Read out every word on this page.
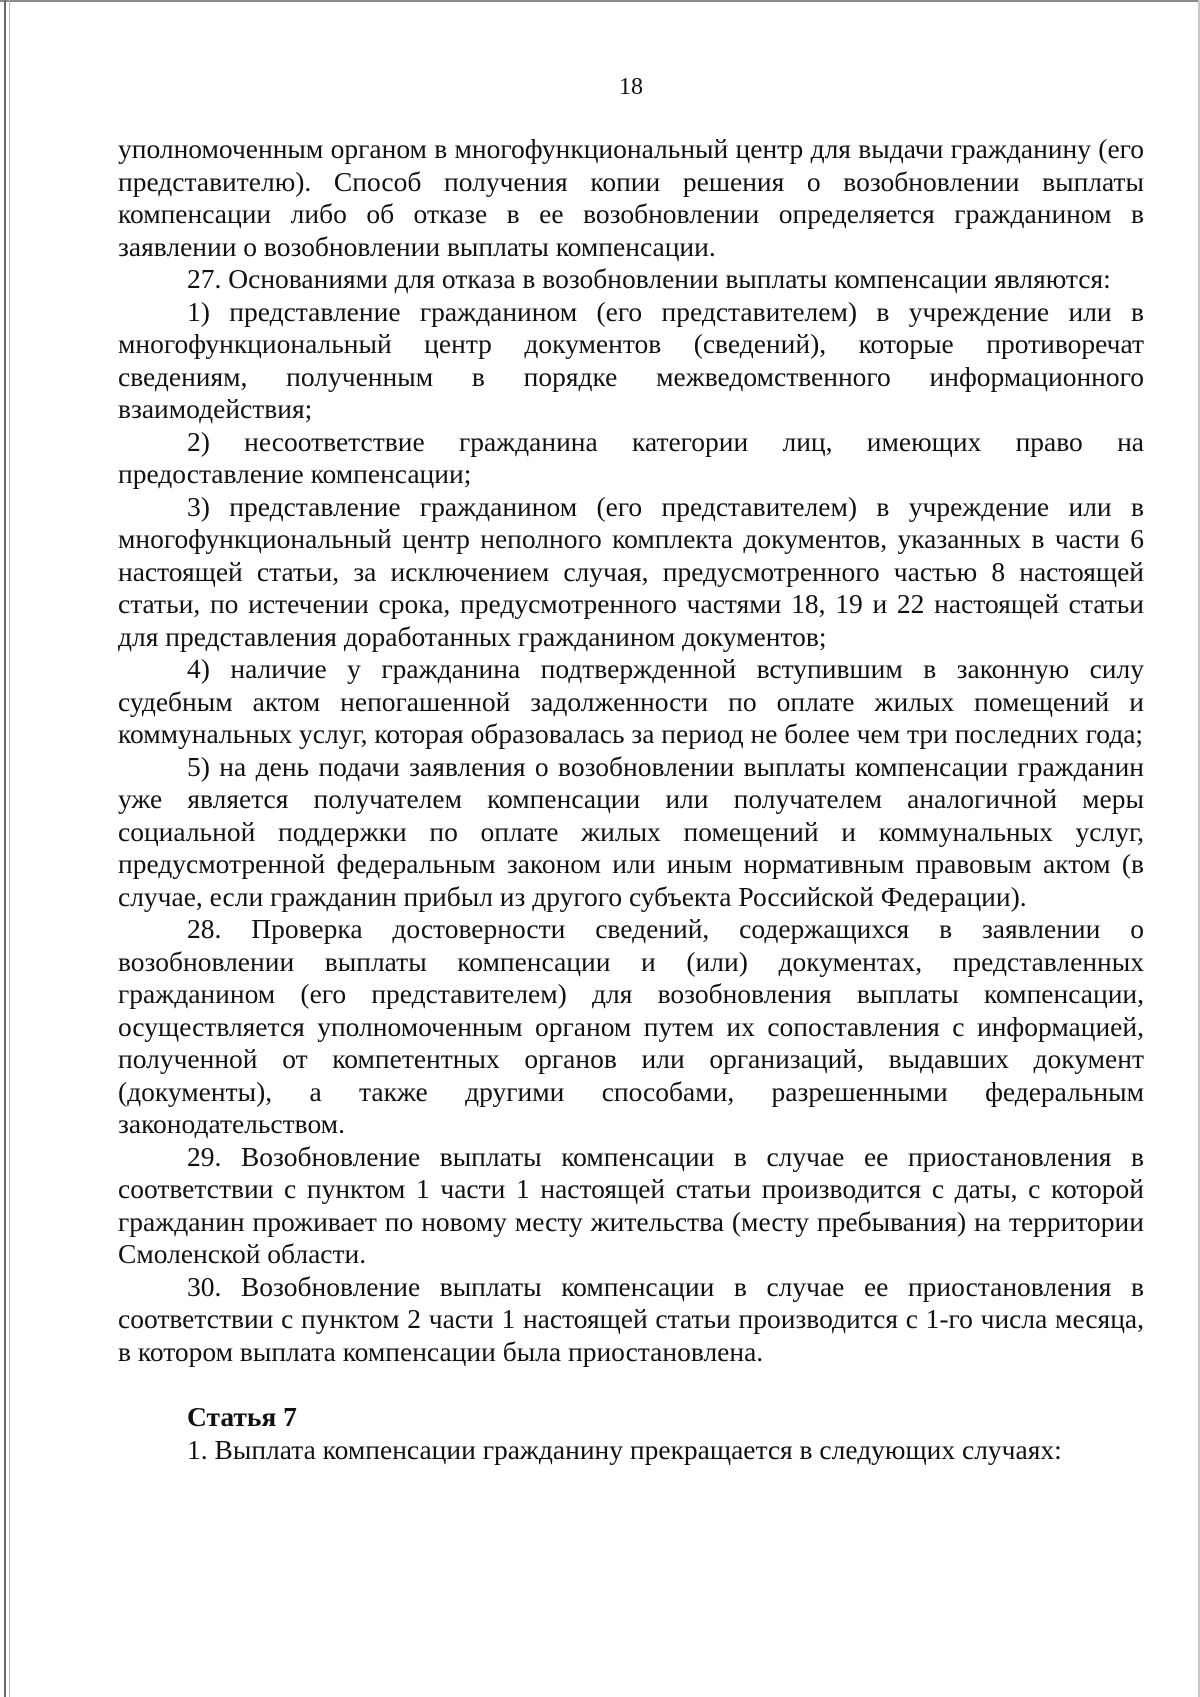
18

уполномоченным органом в многофункциональный центр для выдачи гражданину (его представителю). Способ получения копии решения о возобновлении выплаты компенсации либо об отказе в ее возобновлении определяется гражданином в заявлении о возобновлении выплаты компенсации.

27. Основаниями для отказа в возобновлении выплаты компенсации являются:

1) представление гражданином (его представителем) в учреждение или в многофункциональный центр документов (сведений), которые противоречат сведениям, полученным в порядке межведомственного информационного взаимодействия;

2) несоответствие гражданина категории лиц, имеющих право на предоставление компенсации;

3) представление гражданином (его представителем) в учреждение или в многофункциональный центр неполного комплекта документов, указанных в части 6 настоящей статьи, за исключением случая, предусмотренного частью 8 настоящей статьи, по истечении срока, предусмотренного частями 18, 19 и 22 настоящей статьи для представления доработанных гражданином документов;

4) наличие у гражданина подтвержденной вступившим в законную силу судебным актом непогашенной задолженности по оплате жилых помещений и коммунальных услуг, которая образовалась за период не более чем три последних года;

5) на день подачи заявления о возобновлении выплаты компенсации гражданин уже является получателем компенсации или получателем аналогичной меры социальной поддержки по оплате жилых помещений и коммунальных услуг, предусмотренной федеральным законом или иным нормативным правовым актом (в случае, если гражданин прибыл из другого субъекта Российской Федерации).

28. Проверка достоверности сведений, содержащихся в заявлении о возобновлении выплаты компенсации и (или) документах, представленных гражданином (его представителем) для возобновления выплаты компенсации, осуществляется уполномоченным органом путем их сопоставления с информацией, полученной от компетентных органов или организаций, выдавших документ (документы), а также другими способами, разрешенными федеральным законодательством.

29. Возобновление выплаты компенсации в случае ее приостановления в соответствии с пунктом 1 части 1 настоящей статьи производится с даты, с которой гражданин проживает по новому месту жительства (месту пребывания) на территории Смоленской области.

30. Возобновление выплаты компенсации в случае ее приостановления в соответствии с пунктом 2 части 1 настоящей статьи производится с 1-го числа месяца, в котором выплата компенсации была приостановлена.

Статья 7

1. Выплата компенсации гражданину прекращается в следующих случаях:
